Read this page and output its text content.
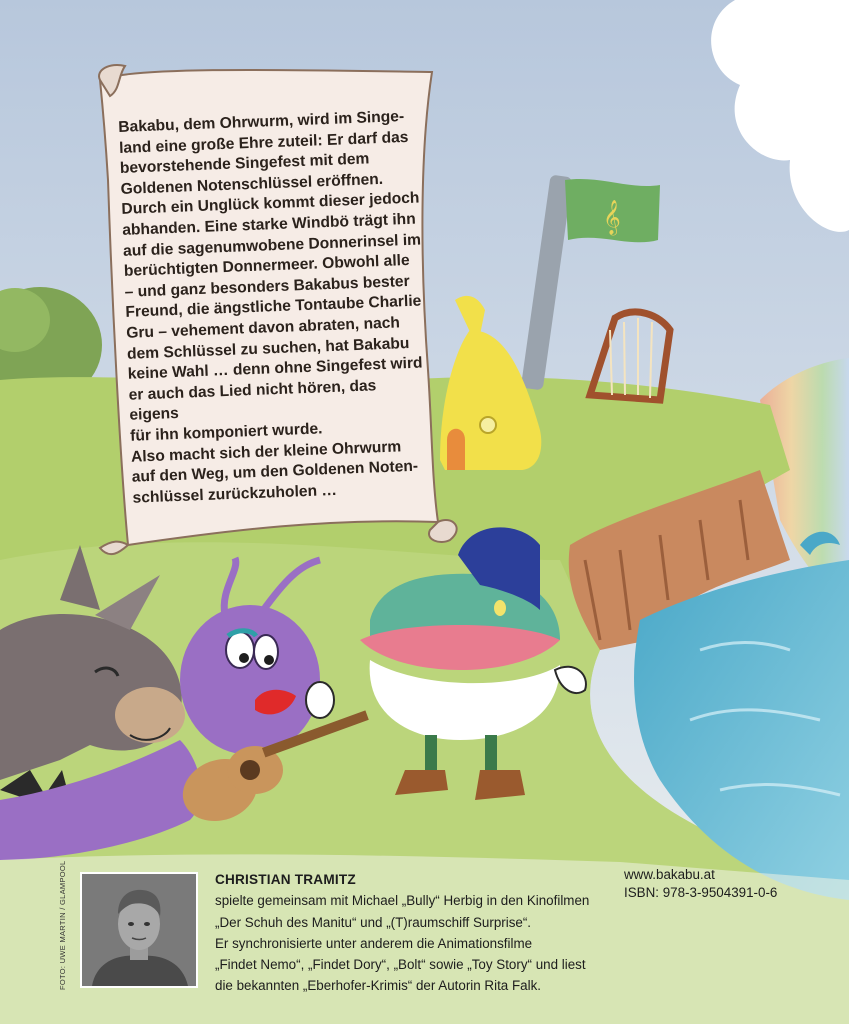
𝄞

Bakabu, dem Ohrwurm, wird im Singe-

land eine große Ehre zuteil: Er darf das

bevorstehende Singefest mit dem

Goldenen Notenschlüssel eröffnen.

Durch ein Unglück kommt dieser jedoch

abhanden. Eine starke Windbö trägt ihn

auf die sagenumwobene Donnerinsel im

berüchtigten Donnermeer. Obwohl alle

– und ganz besonders Bakabus bester

Freund, die ängstliche Tontaube Charlie

Gru – vehement davon abraten, nach

dem Schlüssel zu suchen, hat Bakabu

keine Wahl … denn ohne Singefest wird

er auch das Lied nicht hören, das eigens

für ihn komponiert wurde.

Also macht sich der kleine Ohrwurm

auf den Weg, um den Goldenen Noten-

schlüssel zurückzuholen …

FOTO: UWE MARTIN / GLAMPOOL	CHRISTIAN TRAMITZ

spielte gemeinsam mit Michael „Bully“ Herbig in den Kinofilmen

„Der Schuh des Manitu“ und „(T)raumschiff Surprise“.

Er synchronisierte unter anderem die Animationsfilme

„Findet Nemo“, „Findet Dory“, „Bolt“ sowie „Toy Story“ und liest

die bekannten „Eberhofer-Krimis“ der Autorin Rita Falk.

www.bakabu.at
ISBN: 978-3-9504391-0-6
